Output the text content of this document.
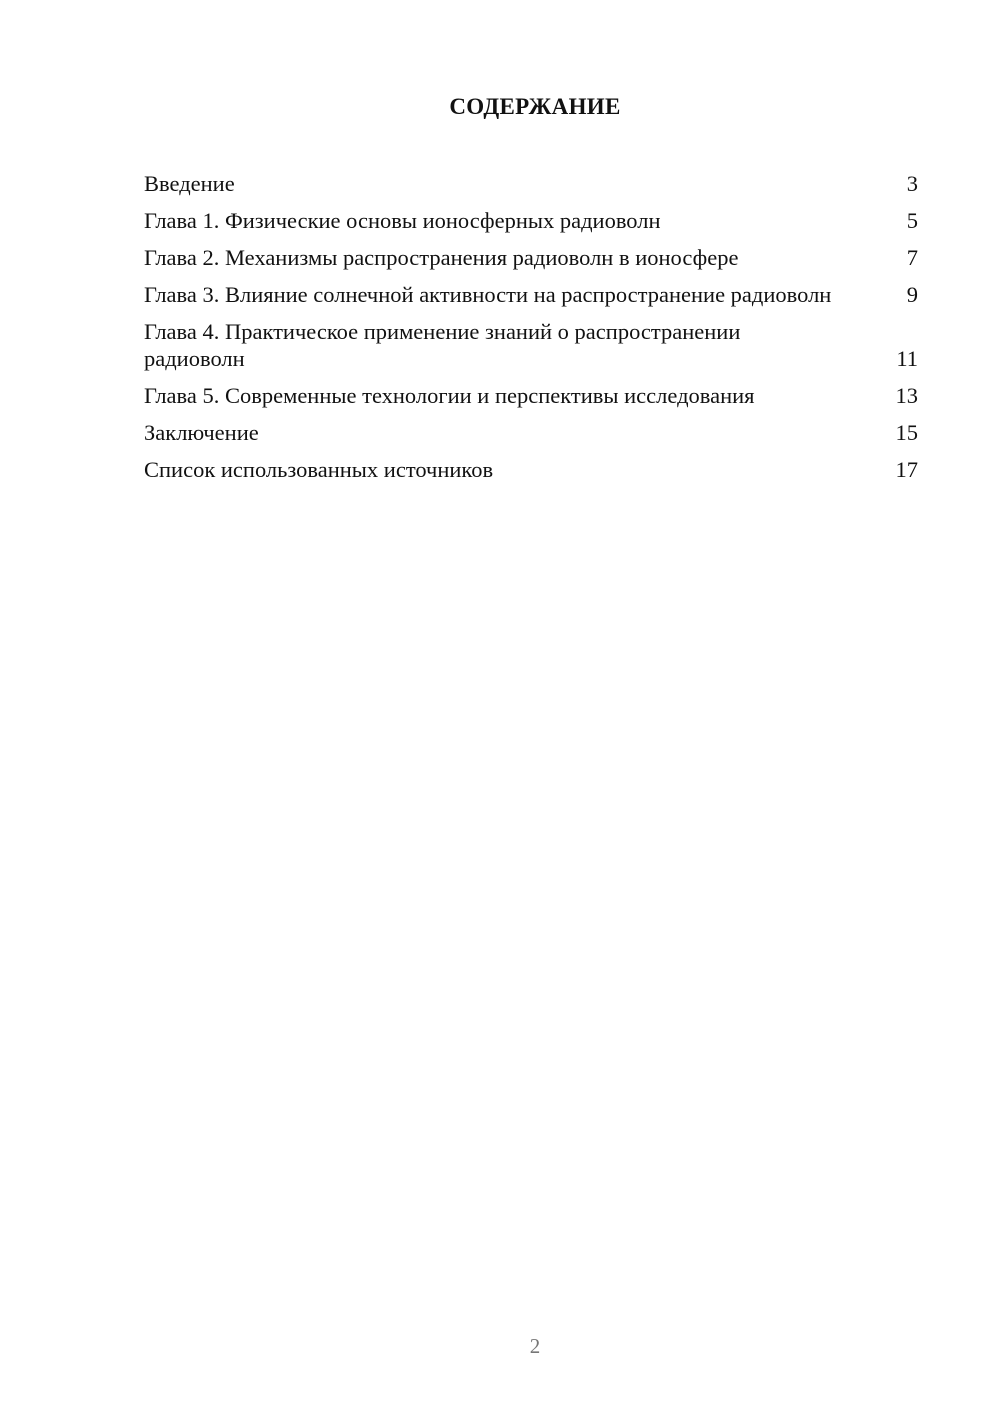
СОДЕРЖАНИЕ
Введение	3
Глава 1. Физические основы ионосферных радиоволн	5
Глава 2. Механизмы распространения радиоволн в ионосфере	7
Глава 3. Влияние солнечной активности на распространение радиоволн	9
Глава 4. Практическое применение знаний о распространении радиоволн	11
Глава 5. Современные технологии и перспективы исследования	13
Заключение	15
Список использованных источников	17
2
